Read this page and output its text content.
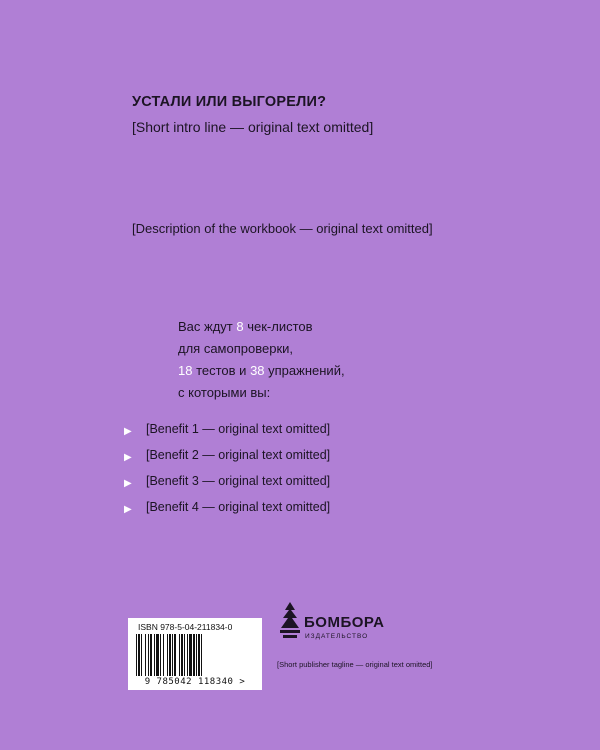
УСТАЛИ ИЛИ ВЫГОРЕЛИ?
[Short intro line — original text omitted]
[Description of the workbook — original text omitted]
Вас ждут 8 чек-листов
для самопроверки,
18 тестов и 38 упражнений,
с которыми вы:
▶ [Benefit 1 — original text omitted]
▶ [Benefit 2 — original text omitted]
▶ [Benefit 3 — original text omitted]
▶ [Benefit 4 — original text omitted]
ISBN 978-5-04-211834-0
9 785042 118340 >
БОМБОРА
ИЗДАТЕЛЬСТВО
[Short publisher tagline — original text omitted]
